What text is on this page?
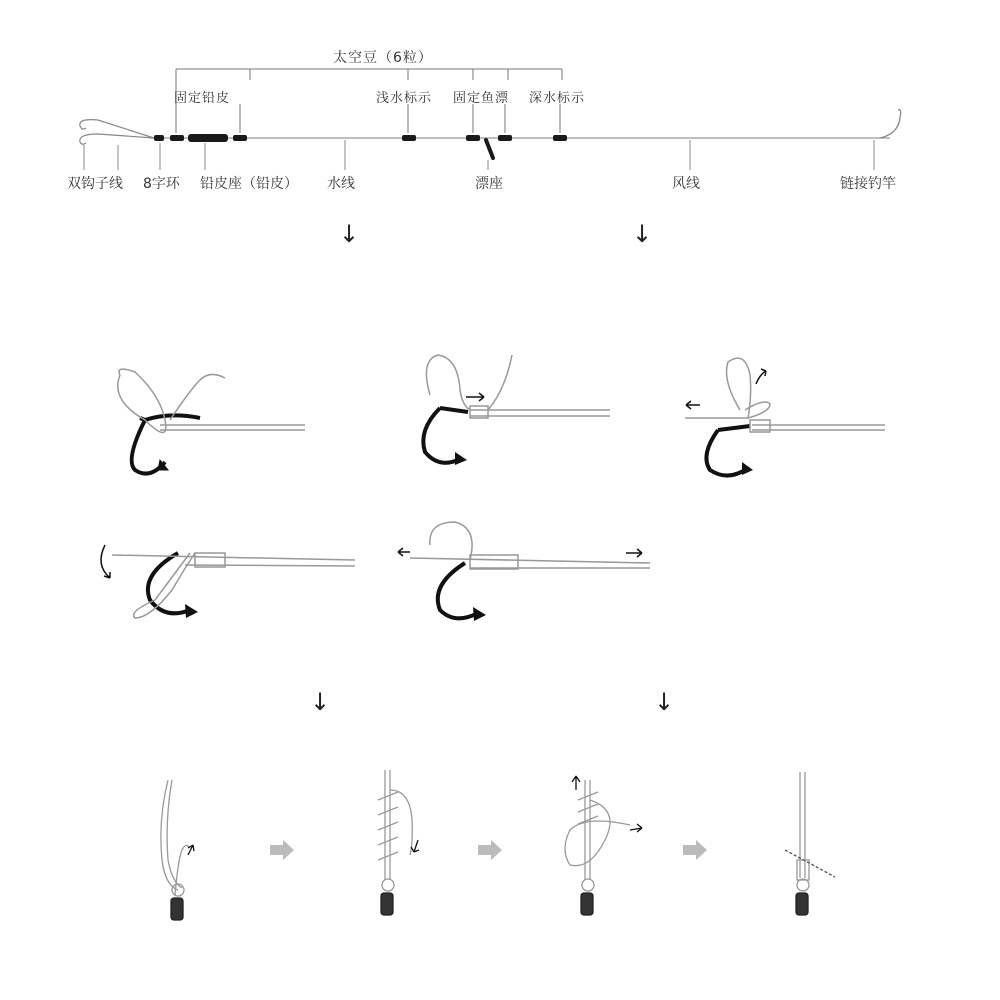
太空豆（6粒）
固定铅皮	浅水标示 固定鱼漂 深水标示
双钩子线 8字环 铅皮座（铅皮） 水线	漂座	风线	链接钓竿
↓	↓
↓	↓
1	2	3	4
